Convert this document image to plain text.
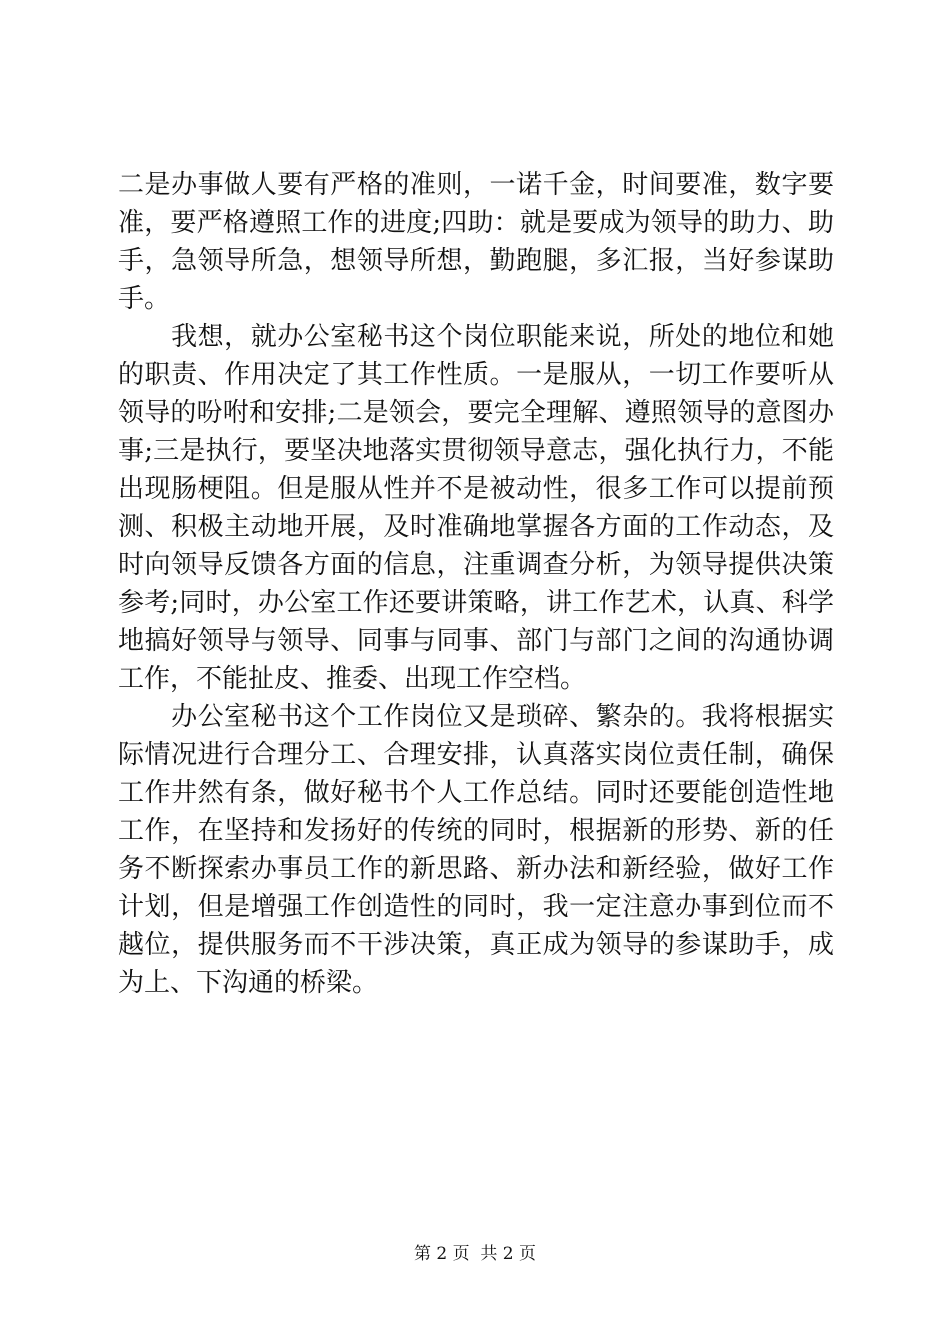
二是办事做人要有严格的准则，一诺千金，时间要准，数字要
准，要严格遵照工作的进度;四助：就是要成为领导的助力、助
手，急领导所急，想领导所想，勤跑腿，多汇报，当好参谋助
手。
　　我想，就办公室秘书这个岗位职能来说，所处的地位和她
的职责、作用决定了其工作性质。一是服从，一切工作要听从
领导的吩咐和安排;二是领会，要完全理解、遵照领导的意图办
事;三是执行，要坚决地落实贯彻领导意志，强化执行力，不能
出现肠梗阻。但是服从性并不是被动性，很多工作可以提前预
测、积极主动地开展，及时准确地掌握各方面的工作动态，及
时向领导反馈各方面的信息，注重调查分析，为领导提供决策
参考;同时，办公室工作还要讲策略，讲工作艺术，认真、科学
地搞好领导与领导、同事与同事、部门与部门之间的沟通协调
工作，不能扯皮、推委、出现工作空档。
　　办公室秘书这个工作岗位又是琐碎、繁杂的。我将根据实
际情况进行合理分工、合理安排，认真落实岗位责任制，确保
工作井然有条，做好秘书个人工作总结。同时还要能创造性地
工作，在坚持和发扬好的传统的同时，根据新的形势、新的任
务不断探索办事员工作的新思路、新办法和新经验，做好工作
计划，但是增强工作创造性的同时，我一定注意办事到位而不
越位，提供服务而不干涉决策，真正成为领导的参谋助手，成
为上、下沟通的桥梁。
第 2 页  共 2 页
